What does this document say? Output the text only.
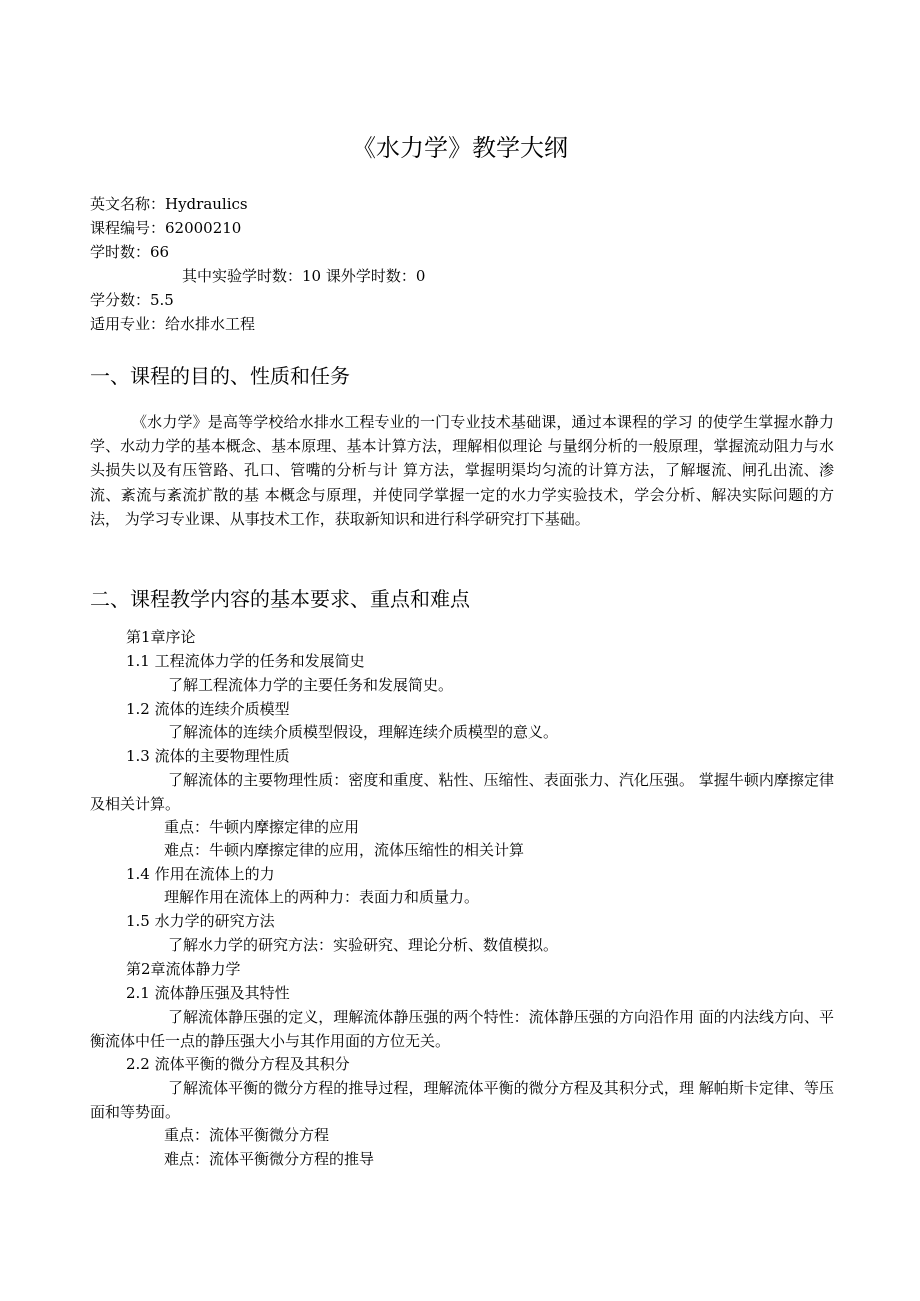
《水力学》教学大纲
英文名称：Hydraulics
课程编号：62000210
学时数：66
其中实验学时数：10 课外学时数：0
学分数：5.5
适用专业：给水排水工程
一、课程的目的、性质和任务
《水力学》是高等学校给水排水工程专业的一门专业技术基础课，通过本课程的学习 的使学生掌握水静力学、水动力学的基本概念、基本原理、基本计算方法，理解相似理论 与量纲分析的一般原理，掌握流动阻力与水头损失以及有压管路、孔口、管嘴的分析与计 算方法，掌握明渠均匀流的计算方法，了解堰流、闸孔出流、渗流、紊流与紊流扩散的基 本概念与原理，并使同学掌握一定的水力学实验技术，学会分析、解决实际问题的方法， 为学习专业课、从事技术工作，获取新知识和进行科学研究打下基础。
二、课程教学内容的基本要求、重点和难点
第1章序论
1.1 工程流体力学的任务和发展简史
了解工程流体力学的主要任务和发展简史。
1.2 流体的连续介质模型
了解流体的连续介质模型假设，理解连续介质模型的意义。
1.3 流体的主要物理性质
了解流体的主要物理性质：密度和重度、粘性、压缩性、表面张力、汽化压强。 掌握牛顿内摩擦定律及相关计算。
重点：牛顿内摩擦定律的应用
难点：牛顿内摩擦定律的应用，流体压缩性的相关计算
1.4 作用在流体上的力
理解作用在流体上的两种力：表面力和质量力。
1.5 水力学的研究方法
了解水力学的研究方法：实验研究、理论分析、数值模拟。
第2章流体静力学
2.1 流体静压强及其特性
了解流体静压强的定义，理解流体静压强的两个特性：流体静压强的方向沿作用 面的内法线方向、平衡流体中任一点的静压强大小与其作用面的方位无关。
2.2 流体平衡的微分方程及其积分
了解流体平衡的微分方程的推导过程，理解流体平衡的微分方程及其积分式，理 解帕斯卡定律、等压面和等势面。
重点：流体平衡微分方程
难点：流体平衡微分方程的推导
